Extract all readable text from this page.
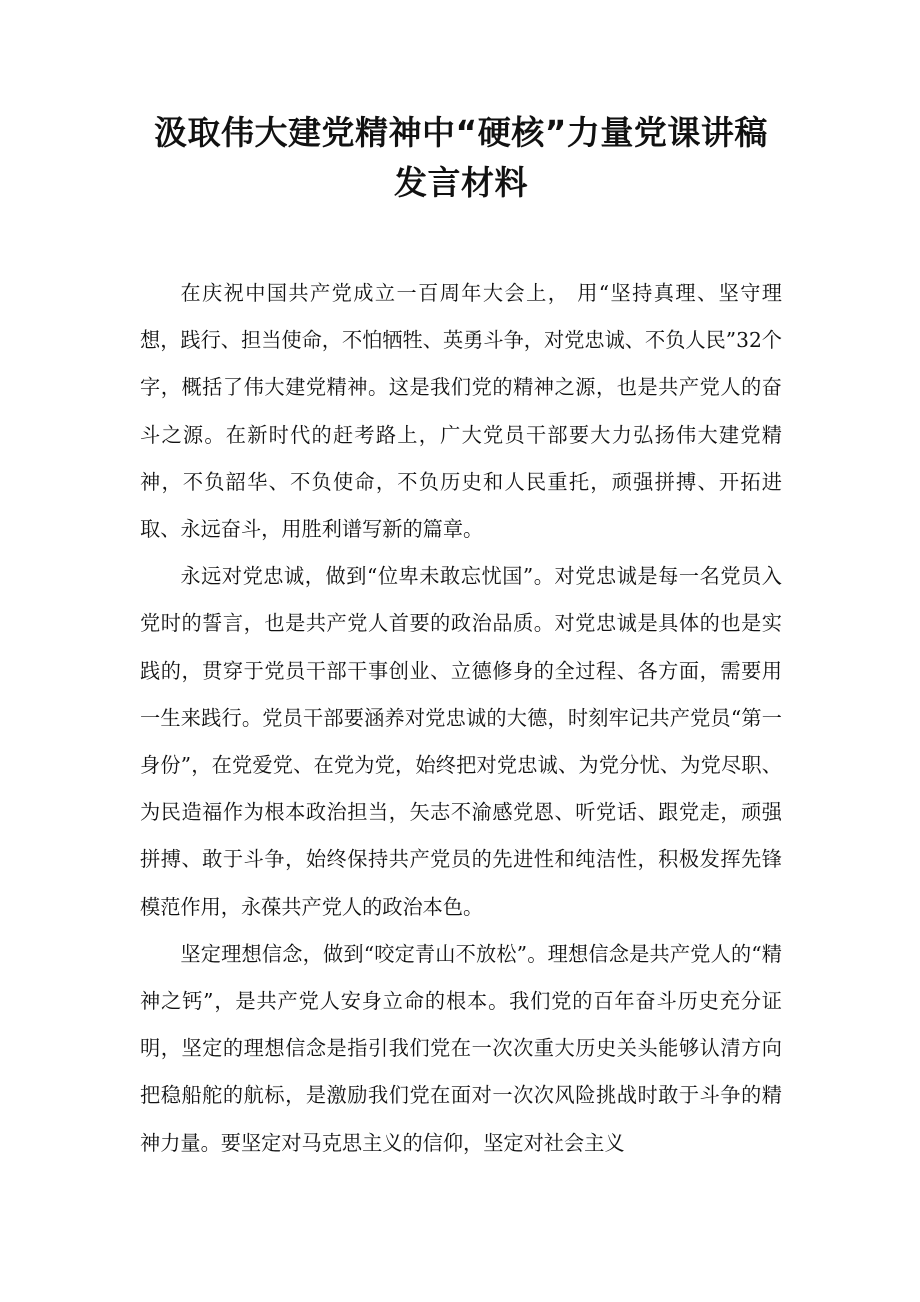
汲取伟大建党精神中“硬核”力量党课讲稿
发言材料

在庆祝中国共产党成立一百周年大会上， 用“坚持真理、坚守理想，践行、担当使命，不怕牺牲、英勇斗争，对党忠诚、不负人民”32个字，概括了伟大建党精神。这是我们党的精神之源，也是共产党人的奋斗之源。在新时代的赶考路上，广大党员干部要大力弘扬伟大建党精神，不负韶华、不负使命，不负历史和人民重托，顽强拼搏、开拓进取、永远奋斗，用胜利谱写新的篇章。

永远对党忠诚，做到“位卑未敢忘忧国”。对党忠诚是每一名党员入党时的誓言，也是共产党人首要的政治品质。对党忠诚是具体的也是实践的，贯穿于党员干部干事创业、立德修身的全过程、各方面，需要用一生来践行。党员干部要涵养对党忠诚的大德，时刻牢记共产党员“第一身份”，在党爱党、在党为党，始终把对党忠诚、为党分忧、为党尽职、为民造福作为根本政治担当，矢志不渝感党恩、听党话、跟党走，顽强拼搏、敢于斗争，始终保持共产党员的先进性和纯洁性，积极发挥先锋模范作用，永葆共产党人的政治本色。

坚定理想信念，做到“咬定青山不放松”。理想信念是共产党人的“精神之钙”，是共产党人安身立命的根本。我们党的百年奋斗历史充分证明，坚定的理想信念是指引我们党在一次次重大历史关头能够认清方向把稳船舵的航标，是激励我们党在面对一次次风险挑战时敢于斗争的精神力量。要坚定对马克思主义的信仰，坚定对社会主义
